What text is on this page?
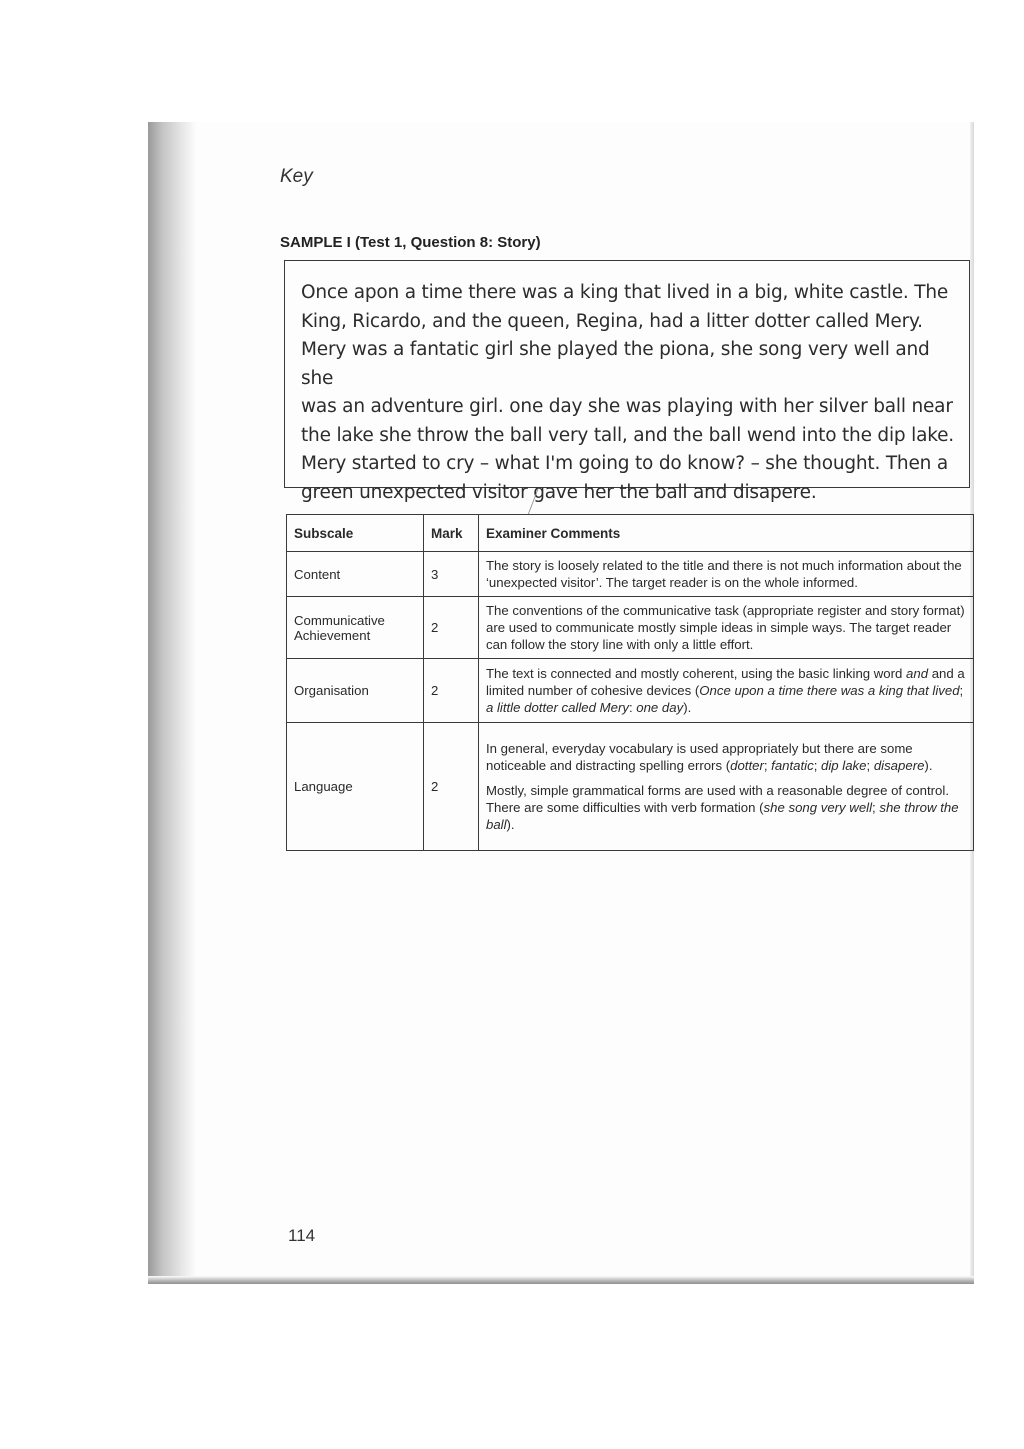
Key
SAMPLE I (Test 1, Question 8: Story)
Once apon a time there was a king that lived in a big, white castle. The
King, Ricardo, and the queen, Regina, had a litter dotter called Mery.
Mery was a fantatic girl she played the piona, she song very well and she
was an adventure girl. one day she was playing with her silver ball near
the lake she throw the ball very tall, and the ball wend into the dip lake.
Mery started to cry – what I'm going to do know? – she thought. Then a
green unexpected visitor gave her the ball and disapere.
Subscale	Mark	Examiner Comments
Content	3	The story is loosely related to the title and there is not much information about the ‘unexpected visitor’. The target reader is on the whole informed.

Communicative Achievement	2	The conventions of the communicative task (appropriate register and story format) are used to communicate mostly simple ideas in simple ways. The target reader can follow the story line with only a little effort.

Organisation	2	The text is connected and mostly coherent, using the basic linking word and and a limited number of cohesive devices (Once upon a time there was a king that lived; a little dotter called Mery: one day).

Language	2	In general, everyday vocabulary is used appropriately but there are some noticeable and distracting spelling errors (dotter; fantatic; dip lake; disapere).

Mostly, simple grammatical forms are used with a reasonable degree of control. There are some difficulties with verb formation (she song very well; she throw the ball).

114
